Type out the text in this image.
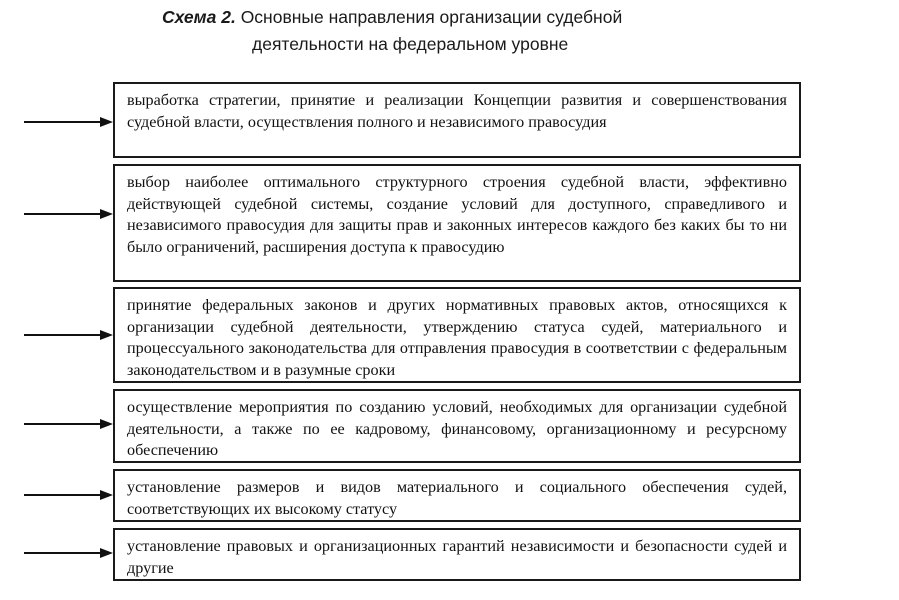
Схема 2. Основные направления организации судебной
деятельности на федеральном уровне

выработка стратегии, принятие и реализации Концепции развития и совершенствования судебной власти, осуществления полного и независимого правосудия

выбор наиболее оптимального структурного строения судебной власти, эффективно действующей судебной системы, создание условий для доступного, справедливого и независимого правосудия для защиты прав и законных интересов каждого без каких бы то ни было ограничений, расширения доступа к правосудию

принятие федеральных законов и других нормативных правовых актов, относящихся к организации судебной деятельности, утверждению статуса судей, материального и процессуального законодательства для отправления правосудия в соответствии с федеральным законодательством и в разумные сроки

осуществление мероприятия по созданию условий, необходимых для организации судебной деятельности, а также по ее кадровому, финансовому, организационному и ресурсному обеспечению

установление размеров и видов материального и социального обеспечения судей, соответствующих их высокому статусу

установление правовых и организационных гарантий независимости и безопасности судей и другие
